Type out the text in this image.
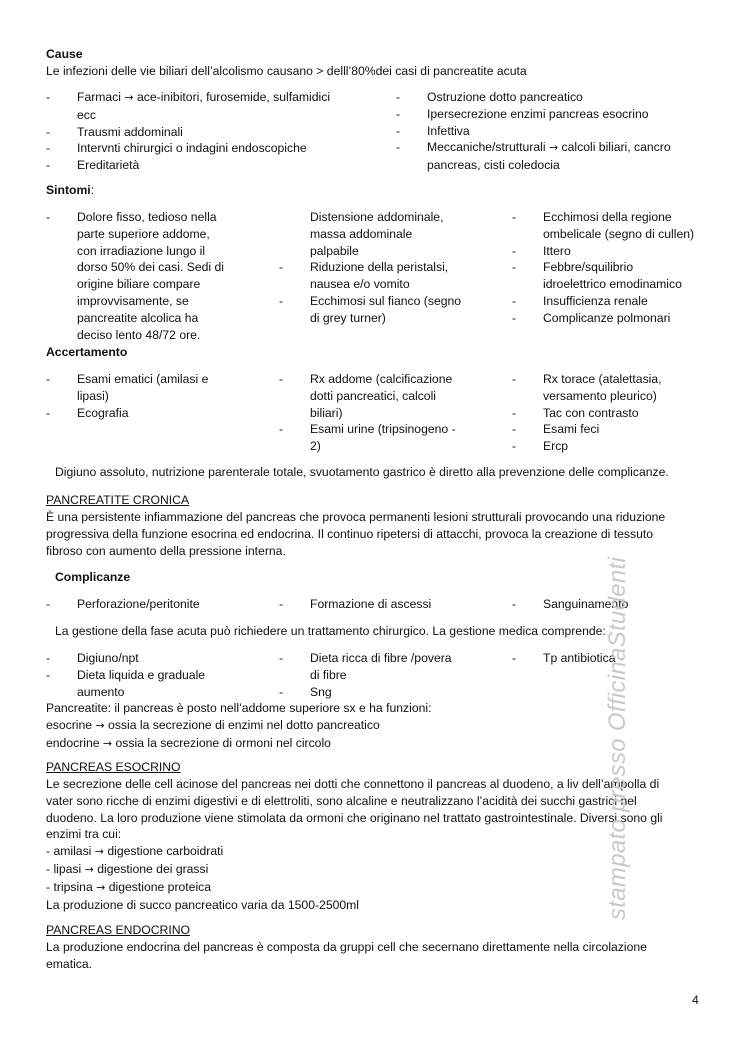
Cause
Le infezioni delle vie biliari dell’alcolismo causano > delll’80%dei casi di pancreatite acuta
- Farmaci → ace-inibitori, furosemide, sulfamidici
ecc
- Trausmi addominali
- Intervnti chirurgici o indagini endoscopiche
- Ereditarietà
- Ostruzione dotto pancreatico
- Ipersecrezione enzimi pancreas esocrino
- Infettiva
- Meccaniche/strutturali → calcoli biliari, cancro
pancreas, cisti coledocia
Sintomi:
- Dolore fisso, tedioso nella
parte superiore addome,
con irradiazione lungo il
dorso 50% dei casi. Sedi di
origine biliare compare
improvvisamente, se
pancreatite alcolica ha
deciso lento 48/72 ore.
Distensione addominale,
massa addominale
palpabile
- Riduzione della peristalsi,
nausea e/o vomito
- Ecchimosi sul fianco (segno
di grey turner)
- Ecchimosi della regione
ombelicale (segno di cullen)
- Ittero
- Febbre/squilibrio
idroelettrico emodinamico
- Insufficienza renale
- Complicanze polmonari
Accertamento
- Esami ematici (amilasi e
lipasi)
- Ecografia
- Rx addome (calcificazione
dotti pancreatici, calcoli
biliari)
- Esami urine (tripsinogeno -
2)
- Rx torace (atalettasia,
versamento pleurico)
- Tac con contrasto
- Esami feci
- Ercp
Digiuno assoluto, nutrizione parenterale totale, svuotamento gastrico è diretto alla prevenzione delle complicanze.
PANCREATITE CRONICA
È una persistente infiammazione del pancreas che provoca permanenti lesioni strutturali provocando una riduzione
progressiva della funzione esocrina ed endocrina. Il continuo ripetersi di attacchi, provoca la creazione di tessuto
fibroso con aumento della pressione interna.
Complicanze
- Perforazione/peritonite	- Formazione di ascessi	- Sanguinamento
La gestione della fase acuta può richiedere un trattamento chirurgico. La gestione medica comprende:
- Digiuno/npt
- Dieta liquida e graduale
aumento
- Dieta ricca di fibre /povera
di fibre
- Sng
- Tp antibiotica
Pancreatite: il pancreas è posto nell’addome superiore sx e ha funzioni:
esocrine → ossia la secrezione di enzimi nel dotto pancreatico
endocrine → ossia la secrezione di ormoni nel circolo
PANCREAS ESOCRINO
Le secrezione delle cell acinose del pancreas nei dotti che connettono il pancreas al duodeno, a liv dell’ampolla di
vater sono ricche di enzimi digestivi e di elettroliti, sono alcaline e neutralizzano l’acidità dei succhi gastrici nel
duodeno. La loro produzione viene stimolata da ormoni che originano nel trattato gastrointestinale. Diversi sono gli
enzimi tra cui:
- amilasi → digestione carboidrati
- lipasi → digestione dei grassi
- tripsina → digestione proteica
La produzione di succo pancreatico varia da 1500-2500ml
PANCREAS ENDOCRINO
La produzione endocrina del pancreas è composta da gruppi cell che secernano direttamente nella circolazione
ematica.
stampato presso OfficinaStudenti
4
